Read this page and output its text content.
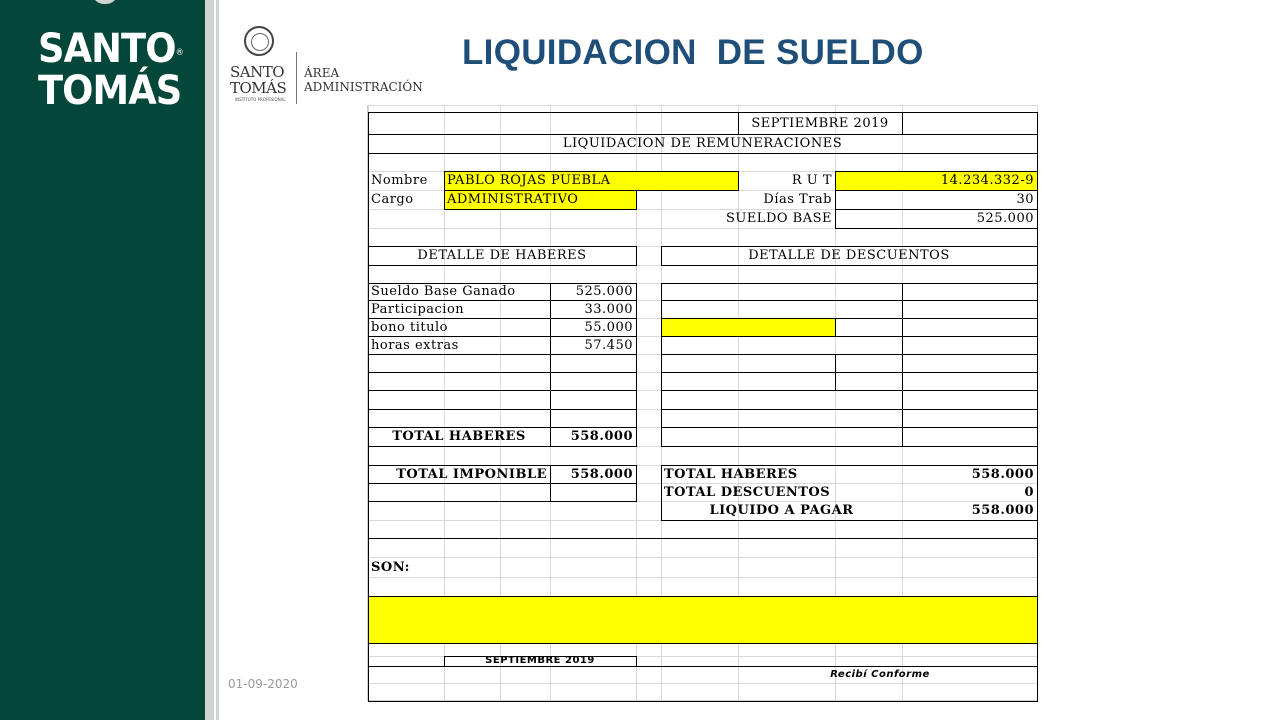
SANTO®
TOMÁS	SANTO
TOMÁS
INSTITUTO PROFESIONAL
ÁREA
ADMINISTRACIÓN
LIQUIDACION  DE SUELDO
SEPTIEMBRE 2019
LIQUIDACION DE REMUNERACIONES
Nombre	PABLO ROJAS PUEBLA	R U T	14.234.332-9
Cargo	ADMINISTRATIVO	Días Trab	30
SUELDO BASE	525.000
DETALLE DE HABERES	DETALLE DE DESCUENTOS
Sueldo Base Ganado	525.000
Participacion	33.000
bono titulo	55.000
horas extras	57.450
TOTAL HABERES	558.000
TOTAL IMPONIBLE	558.000 TOTAL HABERES	558.000
TOTAL DESCUENTOS	0
LIQUIDO A PAGAR	558.000
SON:
SEPTIEMBRE 2019
Recibí Conforme
01-09-2020
